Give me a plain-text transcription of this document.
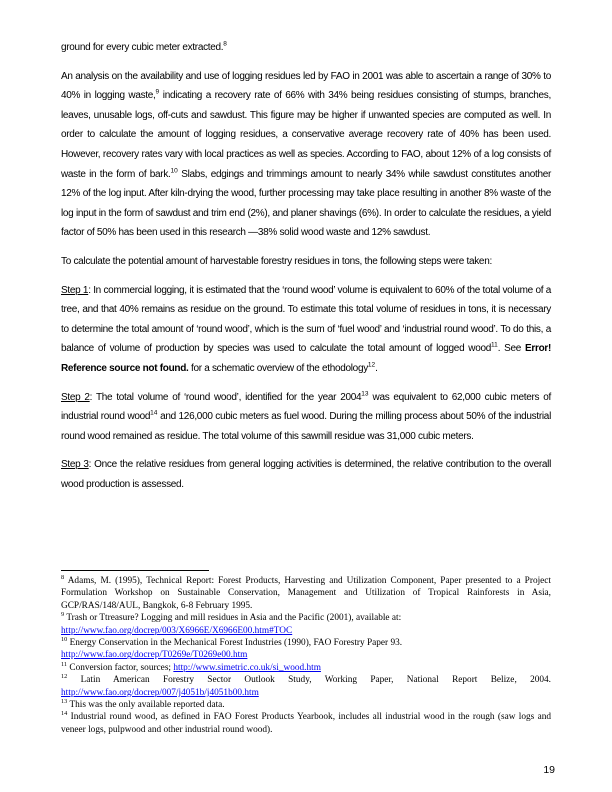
ground for every cubic meter extracted.$^8$

An analysis on the availability and use of logging residues led by FAO in 2001 was able to ascertain a range of 30% to 40% in logging waste,$^9$ indicating a recovery rate of 66% with 34% being residues consisting of stumps, branches, leaves, unusable logs, off-cuts and sawdust. This figure may be higher if unwanted species are computed as well. In order to calculate the amount of logging residues, a conservative average recovery rate of 40% has been used. However, recovery rates vary with local practices as well as species. According to FAO, about 12% of a log consists of waste in the form of bark.$^{10}$ Slabs, edgings and trimmings amount to nearly 34% while sawdust constitutes another 12% of the log input. After kiln-drying the wood, further processing may take place resulting in another 8% waste of the log input in the form of sawdust and trim end (2%), and planer shavings (6%). In order to calculate the residues, a yield factor of 50% has been used in this research —38% solid wood waste and 12% sawdust.

To calculate the potential amount of harvestable forestry residues in tons, the following steps were taken:

Step 1: In commercial logging, it is estimated that the ‘round wood’ volume is equivalent to 60% of the total volume of a tree, and that 40% remains as residue on the ground. To estimate this total volume of residues in tons, it is necessary to determine the total amount of ‘round wood’, which is the sum of ‘fuel wood’ and ‘industrial round wood’. To do this, a balance of volume of production by species was used to calculate the total amount of logged wood$^{11}$. See Error! Reference source not found. for a schematic overview of the ethodology$^{12}$.

Step 2: The total volume of ‘round wood’, identified for the year 2004$^{13}$ was equivalent to 62,000 cubic meters of industrial round wood$^{14}$ and 126,000 cubic meters as fuel wood. During the milling process about 50% of the industrial round wood remained as residue. The total volume of this sawmill residue was 31,000 cubic meters.

Step 3: Once the relative residues from general logging activities is determined, the relative contribution to the overall wood production is assessed.

$^8$ Adams, M. (1995), Technical Report: Forest Products, Harvesting and Utilization Component, Paper presented to a Project Formulation Workshop on Sustainable Conservation, Management and Utilization of Tropical Rainforests in Asia, GCP/RAS/148/AUL, Bangkok, 6-8 February 1995.

$^9$ Trash or Ttreasure? Logging and mill residues in Asia and the Pacific (2001), available at:
http://www.fao.org/docrep/003/X6966E/X6966E00.htm#TOC

$^{10}$ Energy Conservation in the Mechanical Forest Industries (1990), FAO Forestry Paper 93.
http://www.fao.org/docrep/T0269e/T0269e00.htm

$^{11}$ Conversion factor, sources; http://www.simetric.co.uk/si_wood.htm

$^{12}$ Latin American Forestry Sector Outlook Study, Working Paper, National Report Belize, 2004. http://www.fao.org/docrep/007/j4051b/j4051b00.htm

$^{13}$ This was the only available reported data.

$^{14}$ Industrial round wood, as defined in FAO Forest Products Yearbook, includes all industrial wood in the rough (saw logs and veneer logs, pulpwood and other industrial round wood).

19
